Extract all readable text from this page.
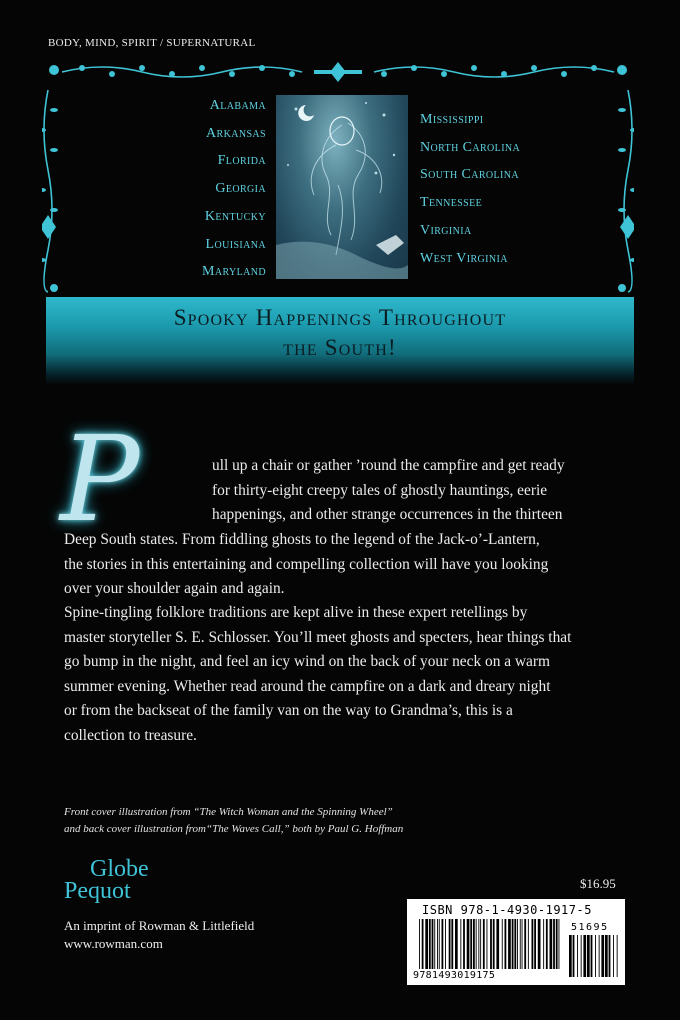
BODY, MIND, SPIRIT / SUPERNATURAL
Alabama
Arkansas
Florida
Georgia
Kentucky
Louisiana
Maryland
Mississippi
North Carolina
South Carolina
Tennessee
Virginia
West Virginia
Spooky Happenings Throughout
the South!
P	ull up a chair or gather ’round the campfire and get ready
for thirty-eight creepy tales of ghostly hauntings, eerie
happenings, and other strange occurrences in the thirteen
Deep South states. From fiddling ghosts to the legend of the Jack-o’-Lantern,
the stories in this entertaining and compelling collection will have you looking
over your shoulder again and again.
Spine-tingling folklore traditions are kept alive in these expert retellings by
master storyteller S. E. Schlosser. You’ll meet ghosts and specters, hear things that
go bump in the night, and feel an icy wind on the back of your neck on a warm
summer evening. Whether read around the campfire on a dark and dreary night
or from the backseat of the family van on the way to Grandma’s, this is a
collection to treasure.
Front cover illustration from “The Witch Woman and the Spinning Wheel”
and back cover illustration from“The Waves Call,” both by Paul G. Hoffman
Globe
Pequot
An imprint of Rowman & Littlefield
www.rowman.com
$16.95
ISBN 978-1-4930-1917-5
51695
9781493019175
